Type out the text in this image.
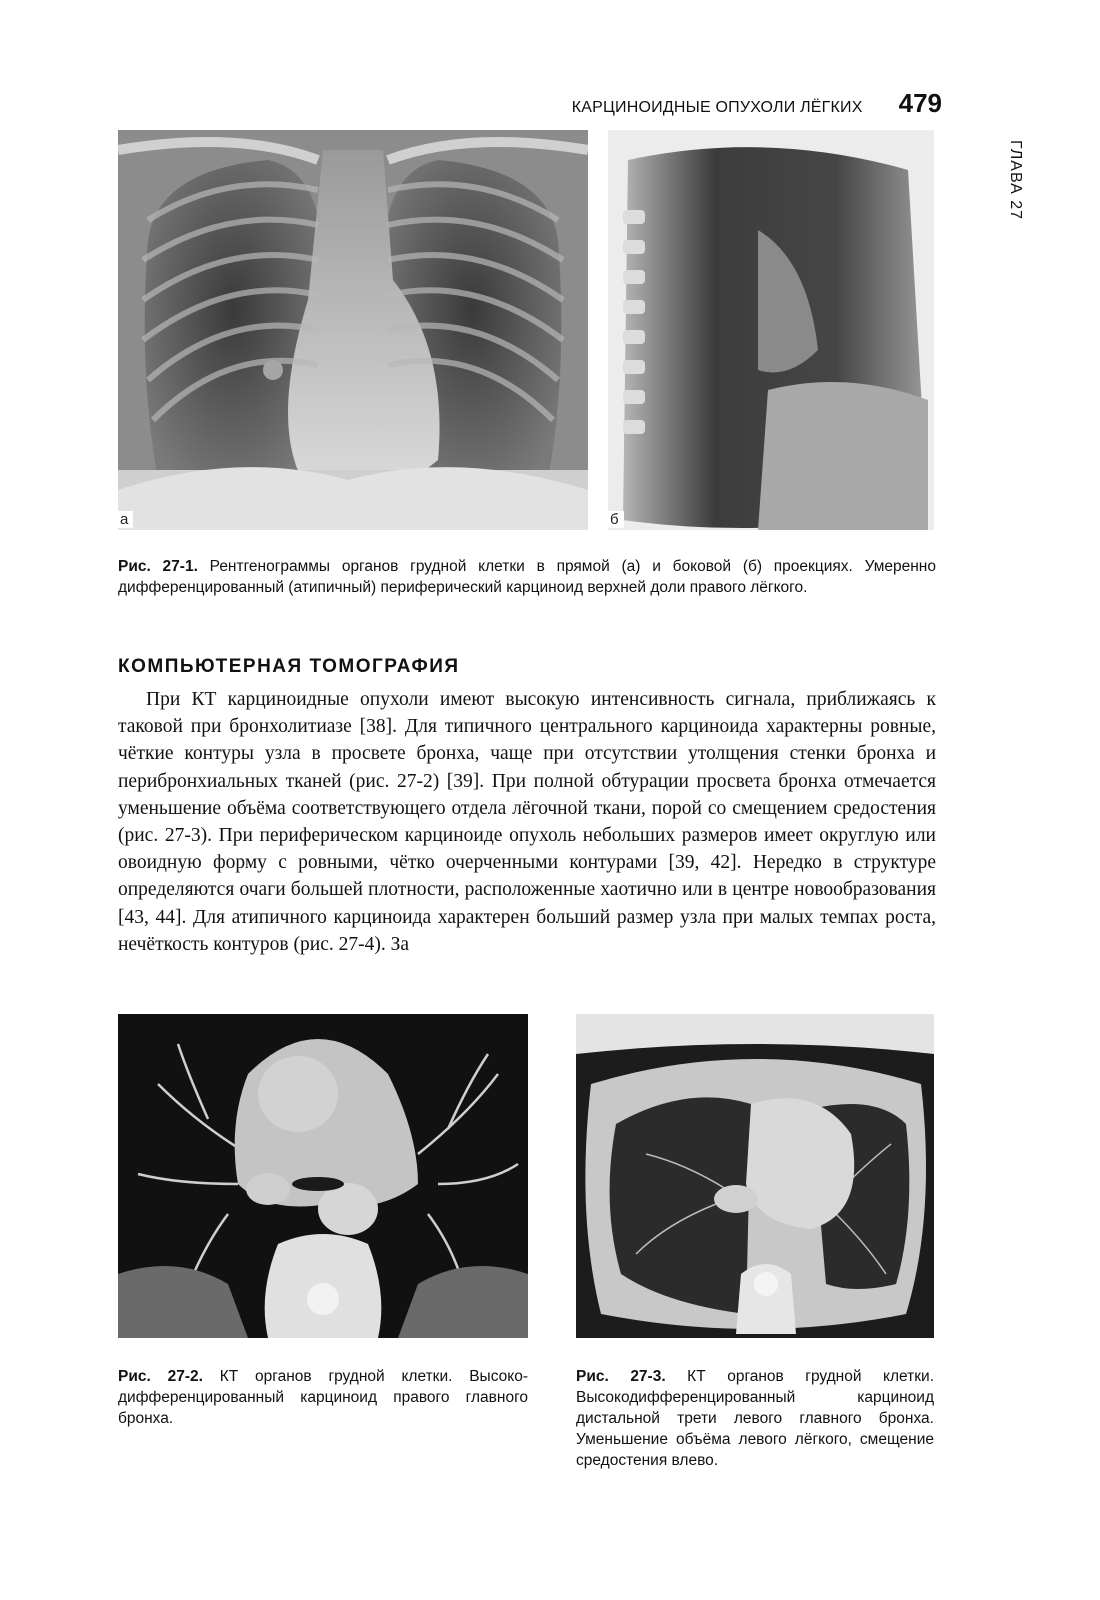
КАРЦИНОИДНЫЕ ОПУХОЛИ ЛЁГКИХ 479
ГЛАВА 27
а	б
Рис. 27-1. Рентгенограммы органов грудной клетки в прямой (а) и боковой (б) проекциях. Умеренно дифференцированный (атипичный) периферический карциноид верхней доли правого лёгкого.
КОМПЬЮТЕРНАЯ ТОМОГРАФИЯ

При КТ карциноидные опухоли имеют высокую интенсивность сигнала, приближаясь к таковой при бронхолитиазе [38]. Для типичного центрального карциноида характерны ровные, чёткие контуры узла в просвете бронха, чаще при отсутствии утолщения стенки бронха и перибронхиальных тканей (рис. 27-2) [39]. При полной обтурации просвета бронха отмечается уменьшение объёма соответствующего отдела лёгочной ткани, порой со смещением средостения (рис. 27-3). При периферическом карциноиде опухоль небольших размеров имеет округлую или овоидную форму с ровными, чётко очерченными контурами [39, 42]. Нередко в структуре определяются очаги большей плотности, расположенные хаотично или в центре новообразования [43, 44]. Для атипичного карциноида характерен больший размер узла при малых темпах роста, нечёткость контуров (рис. 27-4). За

Рис. 27-2. КТ органов грудной клетки. Высокодифференцированный карциноид правого главного бронха.
Рис. 27-3. КТ органов грудной клетки. Высокодифференцированный карциноид дистальной трети левого главного бронха. Уменьшение объёма левого лёгкого, смещение средостения влево.
